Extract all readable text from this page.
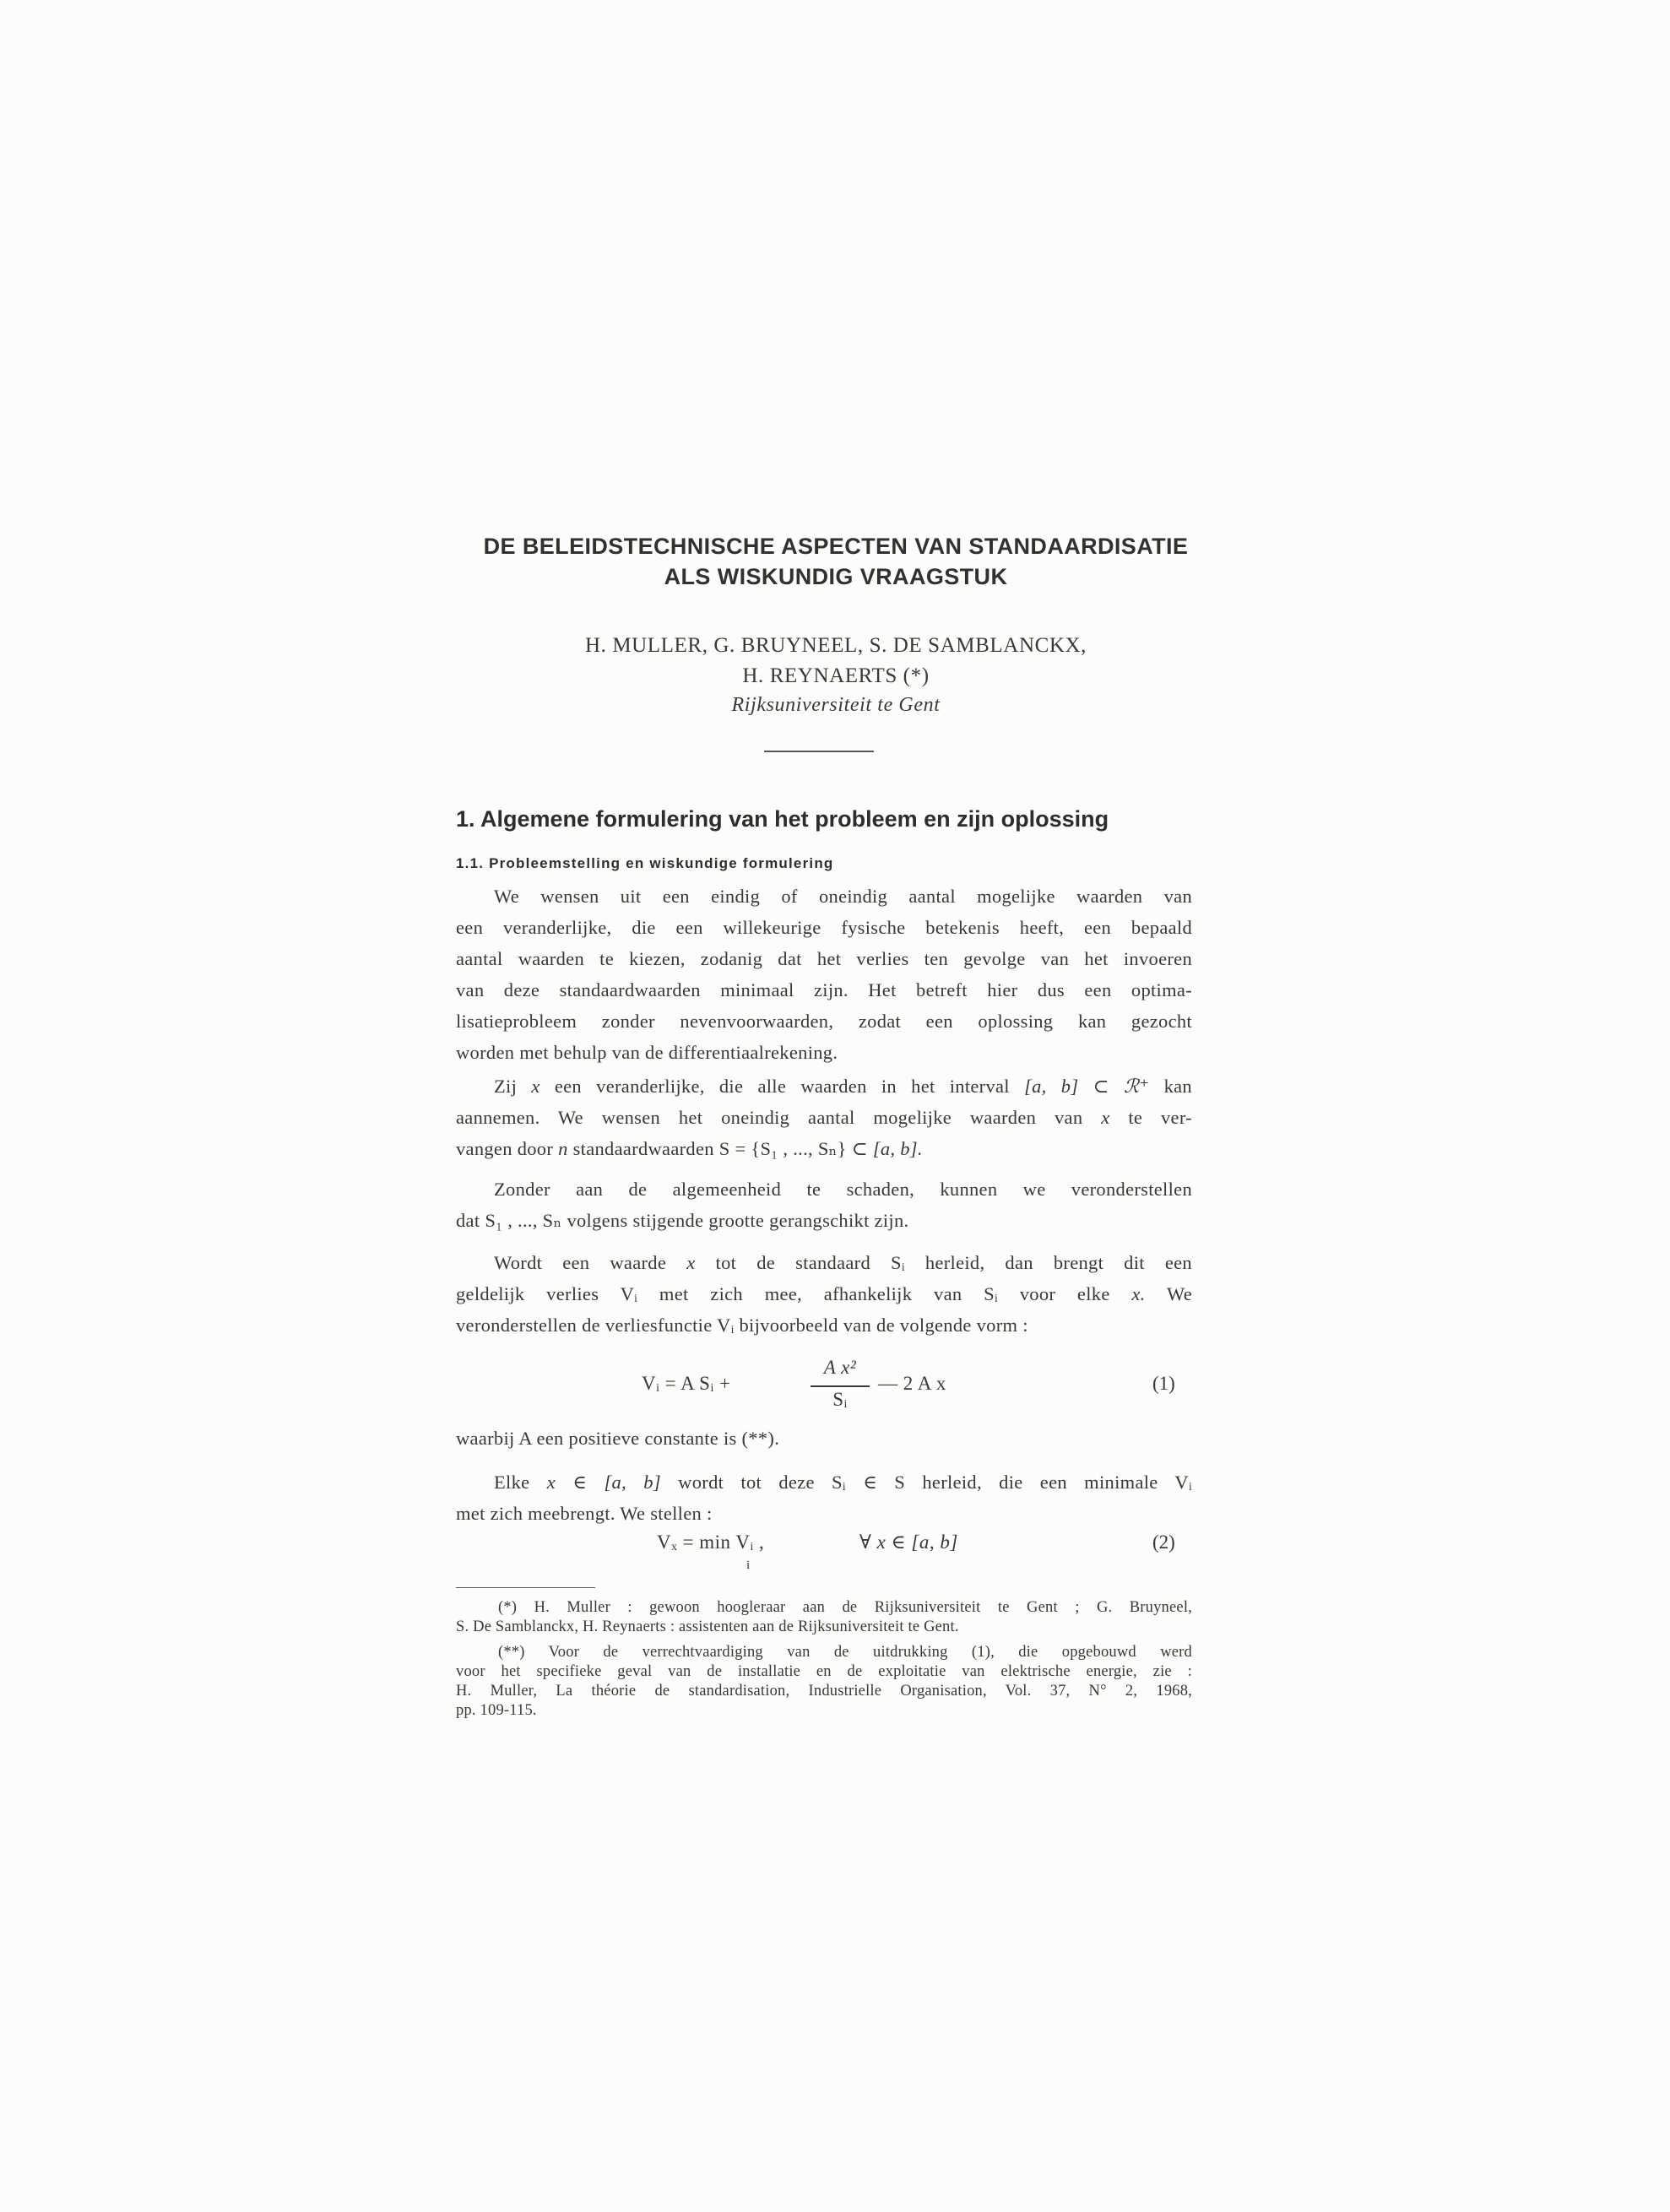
DE BELEIDSTECHNISCHE ASPECTEN VAN STANDAARDISATIE
ALS WISKUNDIG VRAAGSTUK
H. MULLER, G. BRUYNEEL, S. DE SAMBLANCKX,
H. REYNAERTS (*)
Rijksuniversiteit te Gent
1. Algemene formulering van het probleem en zijn oplossing
1.1. Probleemstelling en wiskundige formulering
We wensen uit een eindig of oneindig aantal mogelijke waarden van
een veranderlijke, die een willekeurige fysische betekenis heeft, een bepaald
aantal waarden te kiezen, zodanig dat het verlies ten gevolge van het invoeren
van deze standaardwaarden minimaal zijn. Het betreft hier dus een optima-
lisatieprobleem zonder nevenvoorwaarden, zodat een oplossing kan gezocht
worden met behulp van de differentiaalrekening.
Zij x een veranderlijke, die alle waarden in het interval [a, b] ⊂ ℛ⁺ kan
aannemen. We wensen het oneindig aantal mogelijke waarden van x te ver-
vangen door n standaardwaarden S = {S₁ , ..., Sₙ} ⊂ [a, b].
Zonder aan de algemeenheid te schaden, kunnen we veronderstellen
dat S₁ , ..., Sₙ volgens stijgende grootte gerangschikt zijn.
Wordt een waarde x tot de standaard Sᵢ herleid, dan brengt dit een
geldelijk verlies Vᵢ met zich mee, afhankelijk van Sᵢ voor elke x. We
veronderstellen de verliesfunctie Vᵢ bijvoorbeeld van de volgende vorm :
Vᵢ = A Sᵢ +
A x²
Sᵢ
— 2 A x	(1)
waarbij A een positieve constante is (**).
Elke x ∈ [a, b] wordt tot deze Sᵢ ∈ S herleid, die een minimale Vᵢ
met zich meebrengt. We stellen :
Vₓ = min Vᵢ ,
i
∀ x ∈ [a, b]	(2)
(*) H. Muller : gewoon hoogleraar aan de Rijksuniversiteit te Gent ; G. Bruyneel,
S. De Samblanckx, H. Reynaerts : assistenten aan de Rijksuniversiteit te Gent.
(**) Voor de verrechtvaardiging van de uitdrukking (1), die opgebouwd werd
voor het specifieke geval van de installatie en de exploitatie van elektrische energie, zie :
H. Muller, La théorie de standardisation, Industrielle Organisation, Vol. 37, N° 2, 1968,
pp. 109-115.
